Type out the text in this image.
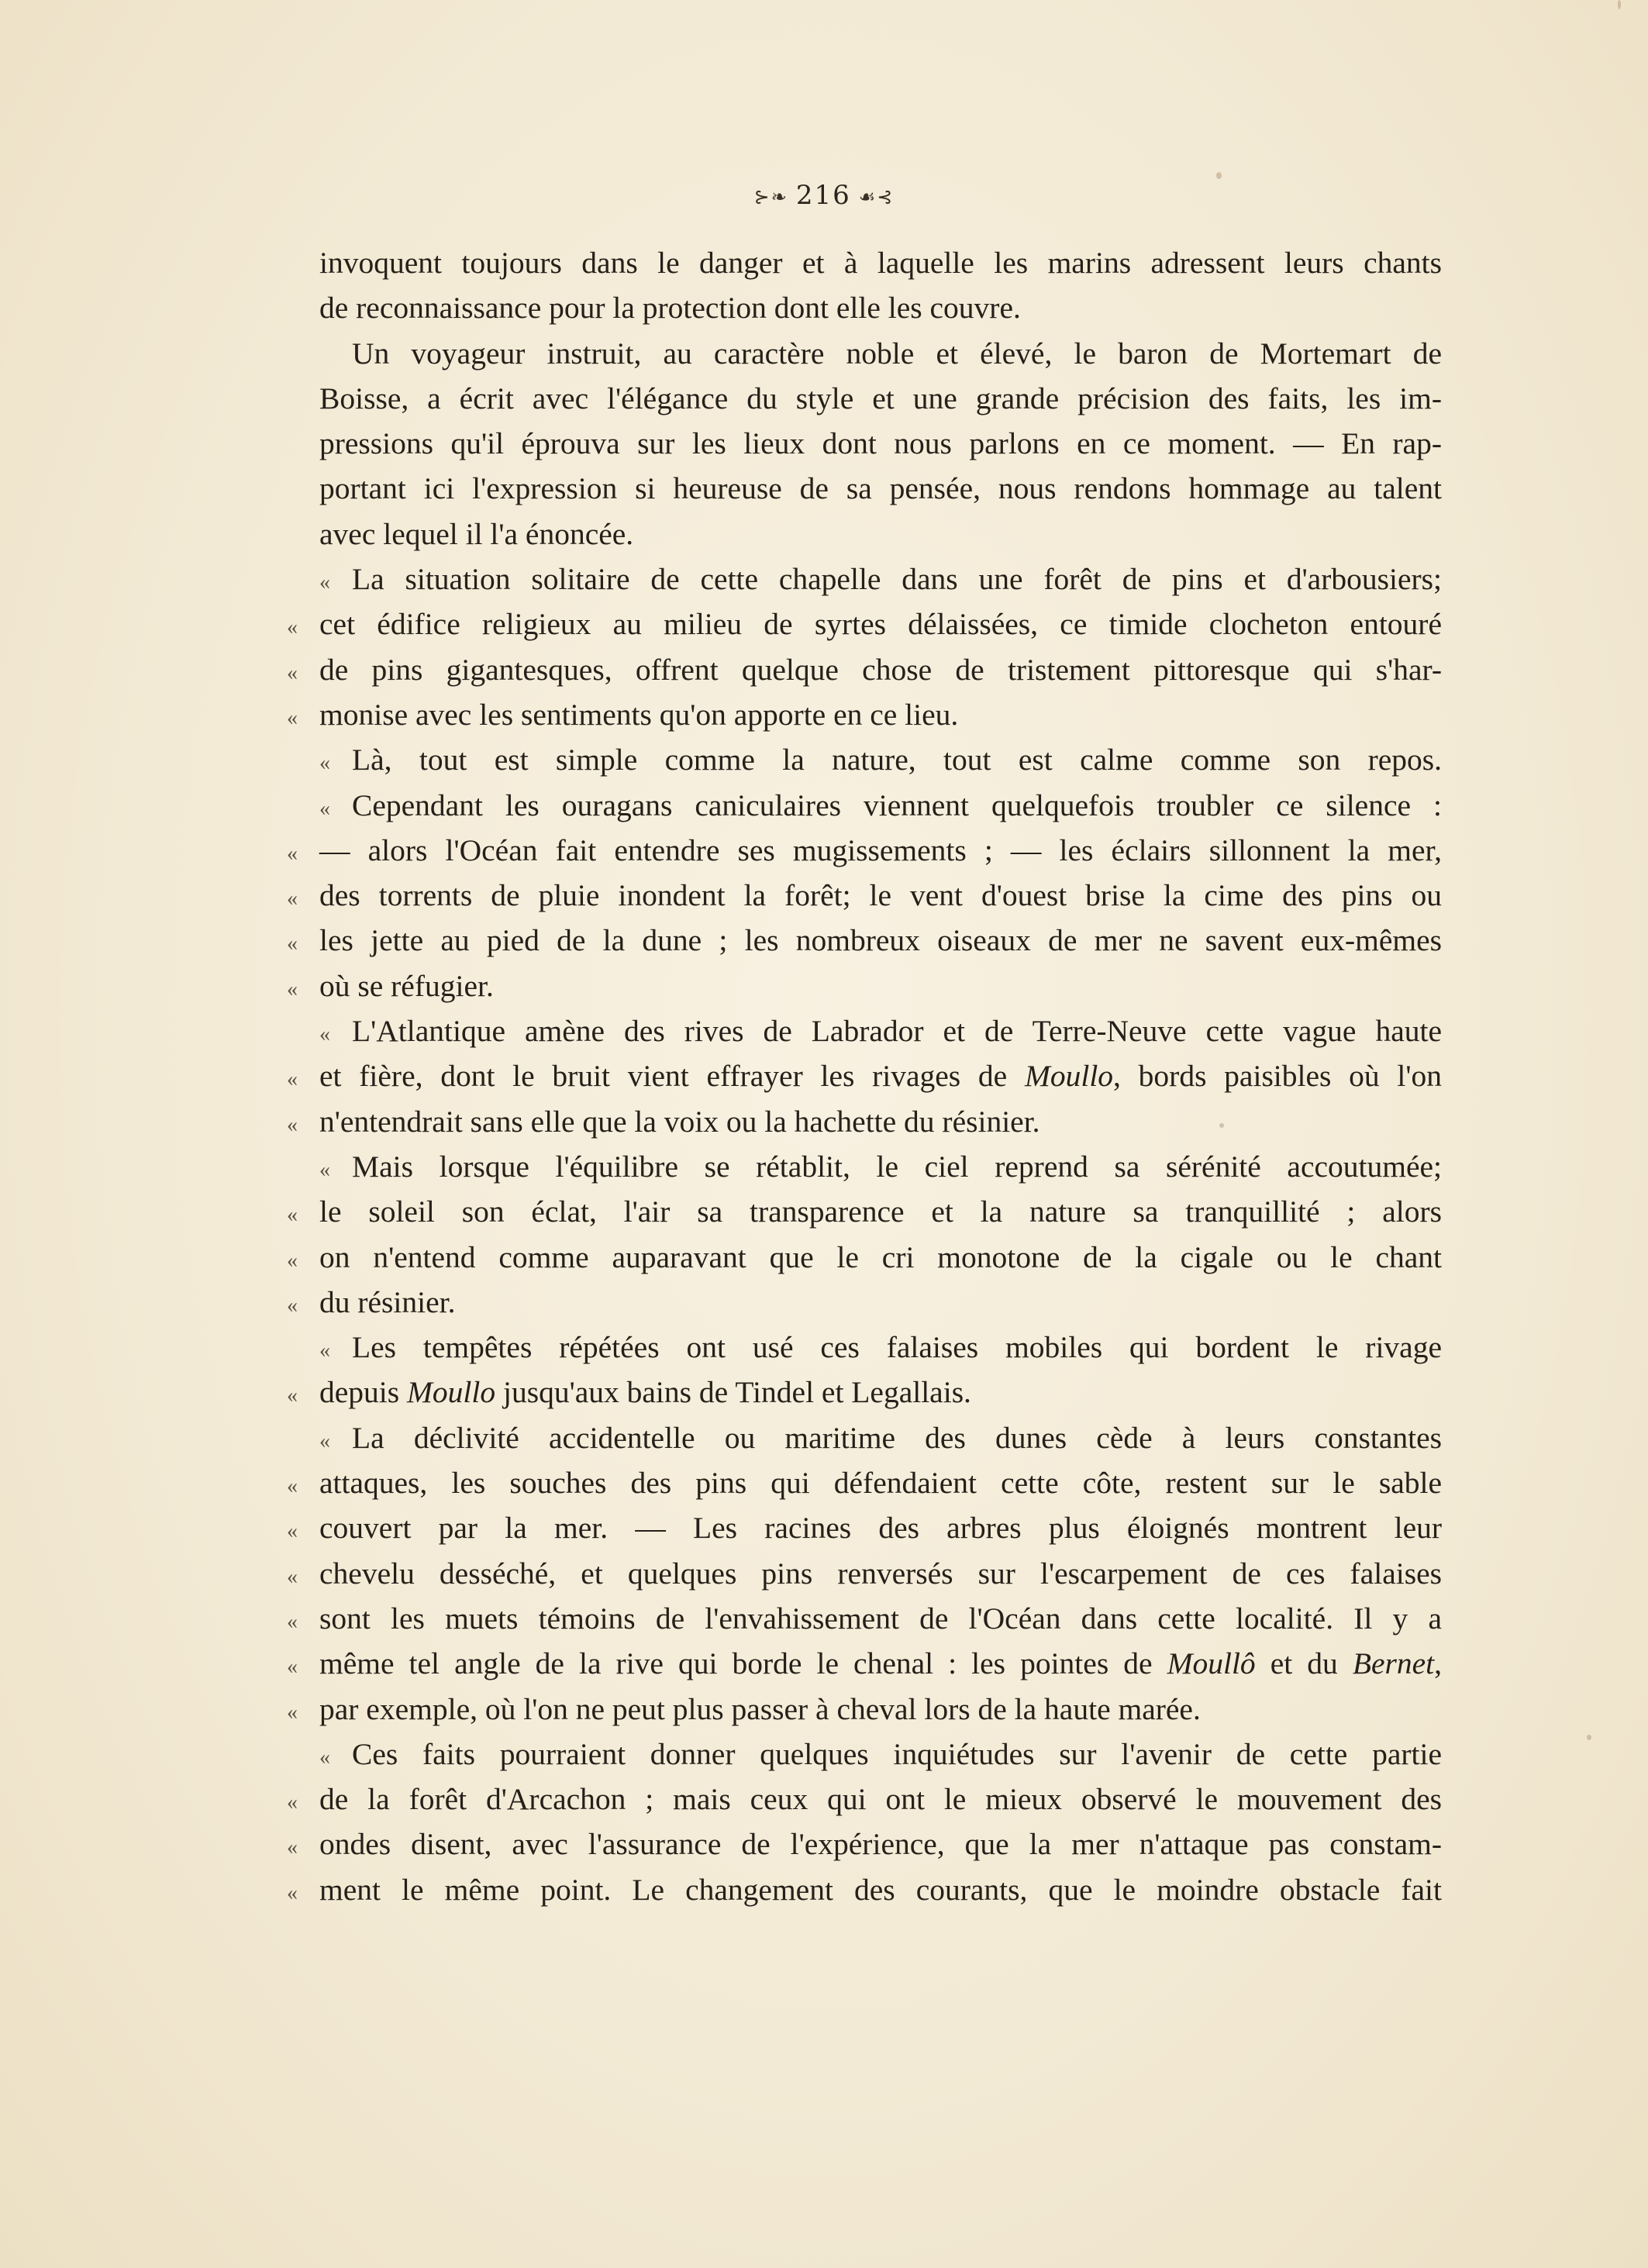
⊱❧ 216 ☙⊰
invoquent toujours dans le danger et à laquelle les marins adressent leurs chants
de reconnaissance pour la protection dont elle les couvre.
Un voyageur instruit, au caractère noble et élevé, le baron de Mortemart de
Boisse, a écrit avec l'élégance du style et une grande précision des faits, les im-
pressions qu'il éprouva sur les lieux dont nous parlons en ce moment. — En rap-
portant ici l'expression si heureuse de sa pensée, nous rendons hommage au talent
avec lequel il l'a énoncée.
« La situation solitaire de cette chapelle dans une forêt de pins et d'arbousiers;
« cet édifice religieux au milieu de syrtes délaissées, ce timide clocheton entouré
« de pins gigantesques, offrent quelque chose de tristement pittoresque qui s'har-
« monise avec les sentiments qu'on apporte en ce lieu.
« Là, tout est simple comme la nature, tout est calme comme son repos.
« Cependant les ouragans caniculaires viennent quelquefois troubler ce silence :
« — alors l'Océan fait entendre ses mugissements ; — les éclairs sillonnent la mer,
« des torrents de pluie inondent la forêt; le vent d'ouest brise la cime des pins ou
« les jette au pied de la dune ; les nombreux oiseaux de mer ne savent eux-mêmes
« où se réfugier.
« L'Atlantique amène des rives de Labrador et de Terre-Neuve cette vague haute
« et fière, dont le bruit vient effrayer les rivages de Moullo, bords paisibles où l'on
« n'entendrait sans elle que la voix ou la hachette du résinier.
« Mais lorsque l'équilibre se rétablit, le ciel reprend sa sérénité accoutumée;
« le soleil son éclat, l'air sa transparence et la nature sa tranquillité ; alors
« on n'entend comme auparavant que le cri monotone de la cigale ou le chant
« du résinier.
« Les tempêtes répétées ont usé ces falaises mobiles qui bordent le rivage
« depuis Moullo jusqu'aux bains de Tindel et Legallais.
« La déclivité accidentelle ou maritime des dunes cède à leurs constantes
« attaques, les souches des pins qui défendaient cette côte, restent sur le sable
« couvert par la mer. — Les racines des arbres plus éloignés montrent leur
« chevelu desséché, et quelques pins renversés sur l'escarpement de ces falaises
« sont les muets témoins de l'envahissement de l'Océan dans cette localité. Il y a
« même tel angle de la rive qui borde le chenal : les pointes de Moullô et du Bernet,
« par exemple, où l'on ne peut plus passer à cheval lors de la haute marée.
« Ces faits pourraient donner quelques inquiétudes sur l'avenir de cette partie
« de la forêt d'Arcachon ; mais ceux qui ont le mieux observé le mouvement des
« ondes disent, avec l'assurance de l'expérience, que la mer n'attaque pas constam-
« ment le même point. Le changement des courants, que le moindre obstacle fait
